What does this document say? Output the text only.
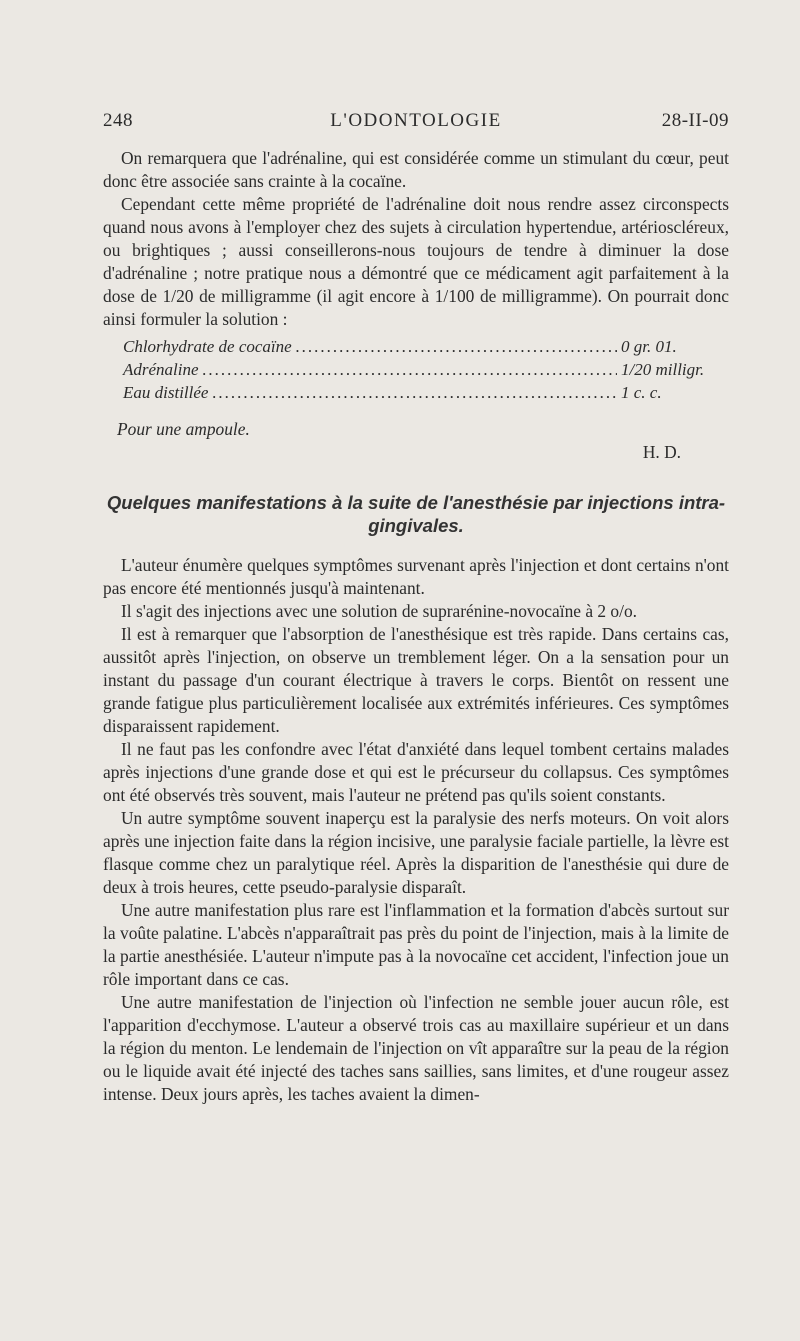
248	L'ODONTOLOGIE	28-II-09

On remarquera que l'adrénaline, qui est considérée comme un stimulant du cœur, peut donc être associée sans crainte à la cocaïne.

Cependant cette même propriété de l'adrénaline doit nous rendre assez circonspects quand nous avons à l'employer chez des sujets à circulation hypertendue, artérioscléreux, ou brightiques ; aussi conseillerons-nous toujours de tendre à diminuer la dose d'adrénaline ; notre pratique nous a démontré que ce médicament agit parfaitement à la dose de 1/20 de milligramme (il agit encore à 1/100 de milligramme). On pourrait donc ainsi formuler la solution :

Chlorhydrate de cocaïne .....	0 gr. 01.
Adrénaline .....	1/20 milligr.
Eau distillée .....	1 c. c.
Pour une ampoule.
H. D.
Quelques manifestations à la suite de l'anesthésie par injections intra-gingivales.

L'auteur énumère quelques symptômes survenant après l'injection et dont certains n'ont pas encore été mentionnés jusqu'à maintenant.

Il s'agit des injections avec une solution de suprarénine-novocaïne à 2 o/o.

Il est à remarquer que l'absorption de l'anesthésique est très rapide. Dans certains cas, aussitôt après l'injection, on observe un tremblement léger. On a la sensation pour un instant du passage d'un courant électrique à travers le corps. Bientôt on ressent une grande fatigue plus particulièrement localisée aux extrémités inférieures. Ces symptômes disparaissent rapidement.

Il ne faut pas les confondre avec l'état d'anxiété dans lequel tombent certains malades après injections d'une grande dose et qui est le précurseur du collapsus. Ces symptômes ont été observés très souvent, mais l'auteur ne prétend pas qu'ils soient constants.

Un autre symptôme souvent inaperçu est la paralysie des nerfs moteurs. On voit alors après une injection faite dans la région incisive, une paralysie faciale partielle, la lèvre est flasque comme chez un paralytique réel. Après la disparition de l'anesthésie qui dure de deux à trois heures, cette pseudo-paralysie disparaît.

Une autre manifestation plus rare est l'inflammation et la formation d'abcès surtout sur la voûte palatine. L'abcès n'apparaîtrait pas près du point de l'injection, mais à la limite de la partie anesthésiée. L'auteur n'impute pas à la novocaïne cet accident, l'infection joue un rôle important dans ce cas.

Une autre manifestation de l'injection où l'infection ne semble jouer aucun rôle, est l'apparition d'ecchymose. L'auteur a observé trois cas au maxillaire supérieur et un dans la région du menton. Le lendemain de l'injection on vît apparaître sur la peau de la région ou le liquide avait été injecté des taches sans saillies, sans limites, et d'une rougeur assez intense. Deux jours après, les taches avaient la dimen-
